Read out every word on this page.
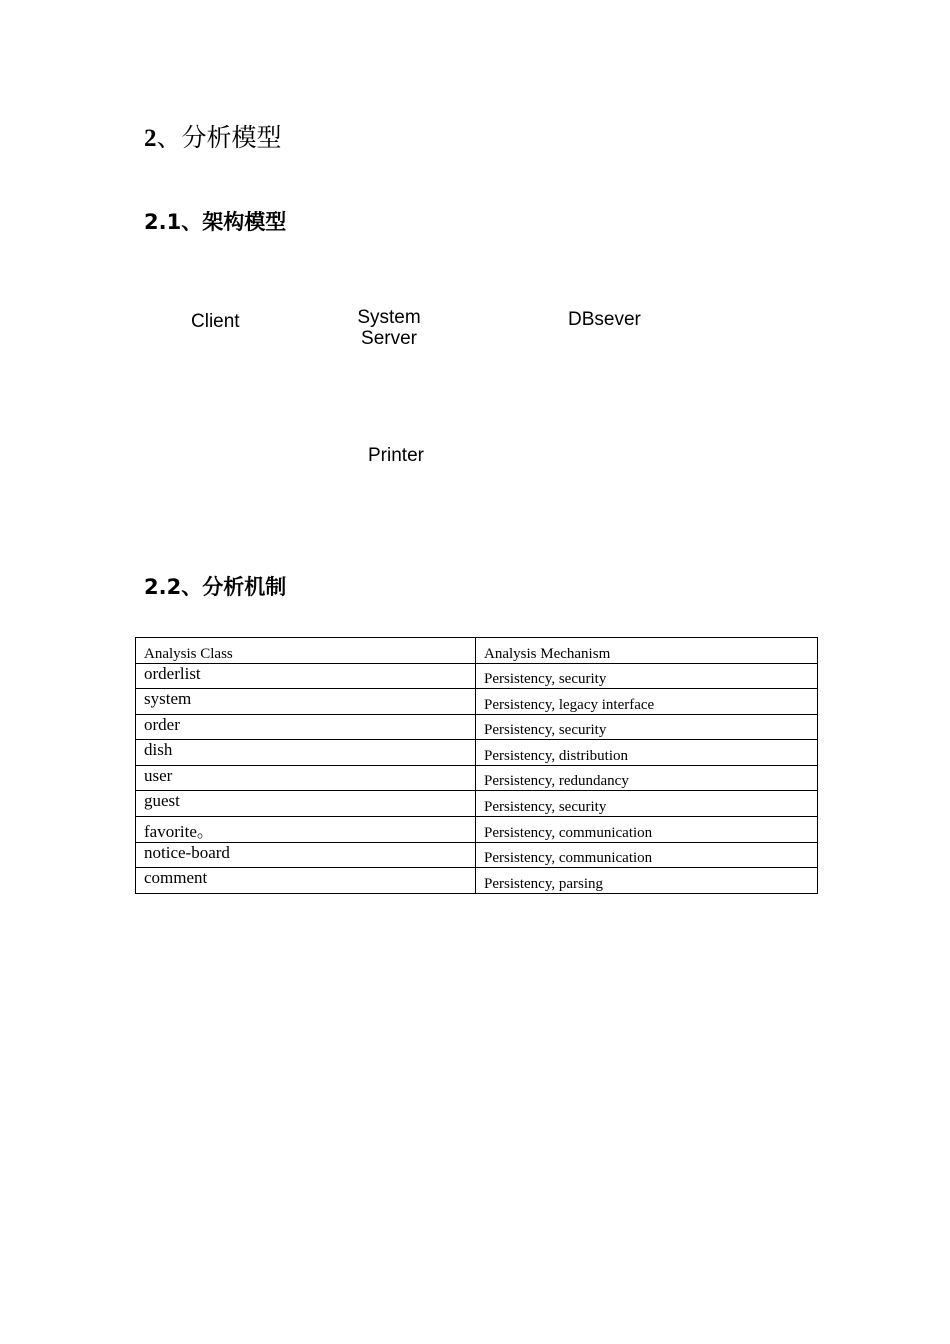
2、分析模型
2.1、架构模型
Client	System
Server
DBsever
Printer
2.2、分析机制
Analysis Class	Analysis Mechanism
orderlist	Persistency, security
system	Persistency, legacy interface
order	Persistency, security
dish	Persistency, distribution
user	Persistency, redundancy
guest	Persistency, security
favorite。	Persistency, communication
notice-board	Persistency, communication
comment	Persistency, parsing
